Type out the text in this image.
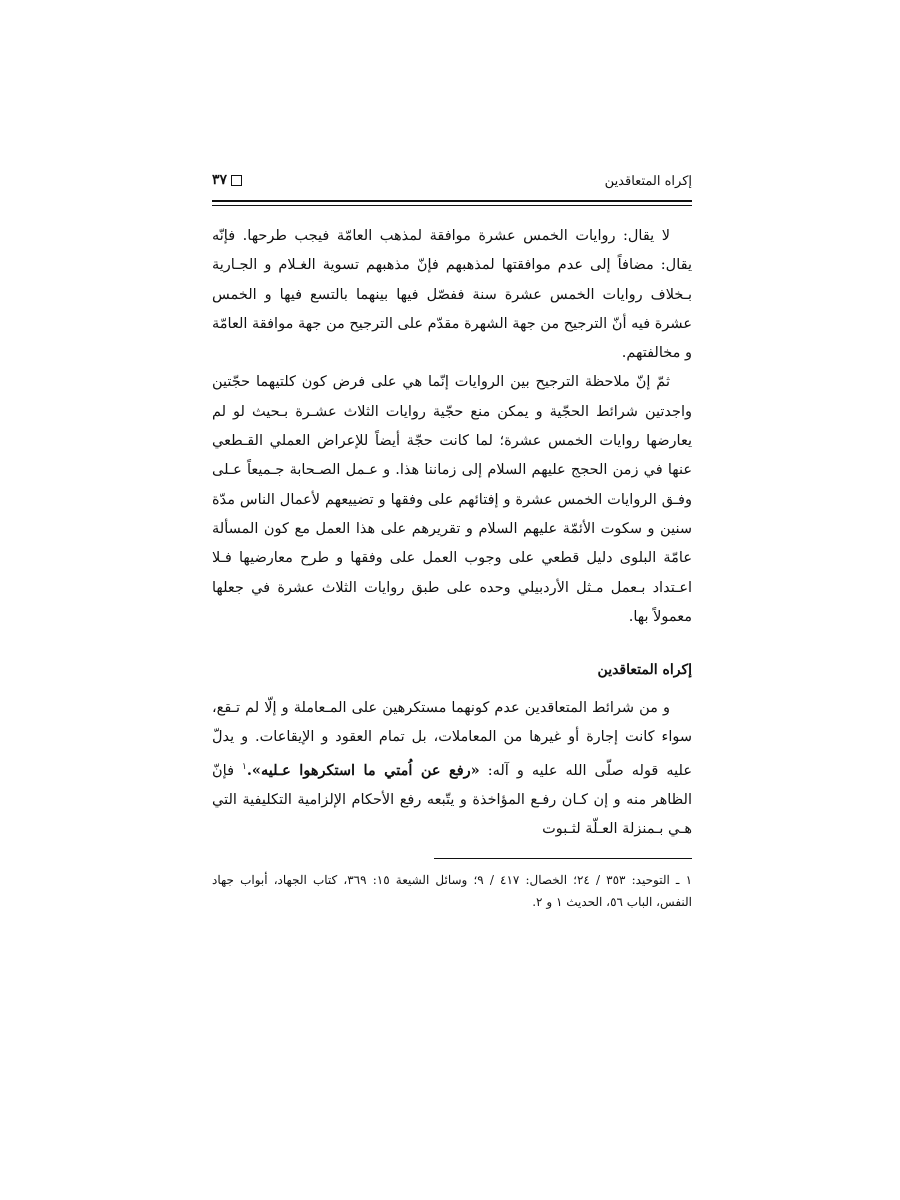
إكراه المتعاقدين
٣٧

لا يقال: روايات الخمس عشرة موافقة لمذهب العامّة فيجب طرحها. فإنّه يقال: مضافاً إلى عدم موافقتها لمذهبهم فإنّ مذهبهم تسوية الغـلام و الجـارية بـخلاف روايات الخمس عشرة سنة ففصّل فيها بينهما بالتسع فيها و الخمس عشرة فيه أنّ الترجيح من جهة الشهرة مقدّم على الترجيح من جهة موافقة العامّة و مخالفتهم.

ثمّ إنّ ملاحظة الترجيح بين الروايات إنّما هي على فرض كون كلتيهما حجّتين واجدتين شرائط الحجّية و يمكن منع حجّية روايات الثلاث عشـرة بـحيث لو لم يعارضها روايات الخمس عشرة؛ لما كانت حجّة أيضاً للإعراض العملي القـطعي عنها في زمن الحجج عليهم السلام إلى زماننا هذا. و عـمل الصـحابة جـميعاً عـلى وفـق الروايات الخمس عشرة و إفتائهم على وفقها و تضييعهم لأعمال الناس مدّة سنين و سكوت الأئمّة عليهم السلام و تقريرهم على هذا العمل مع كون المسألة عامّة البلوى دليل قطعي على وجوب العمل على وفقها و طرح معارضيها فـلا اعـتداد بـعمل مـثل الأردبيلي وحده على طبق روايات الثلاث عشرة في جعلها معمولاً بها.

إكراه المتعاقدين

و من شرائط المتعاقدين عدم كونهما مستكرهين على المـعاملة و إلّا لم تـقع، سواء كانت إجارة أو غيرها من المعاملات، بل تمام العقود و الإيقاعات. و يدلّ عليه قوله صلّى الله عليه و آله: «رفع عن اُمتي ما استكرهوا عـليه».$^١$ فإنّ الظاهر منه و إن كـان رفـع المؤاخذة و يتّبعه رفع الأحكام الإلزامية التكليفية التي هـي بـمنزلة العـلّة لثـبوت

١ ـ التوحيد: ٣٥٣ / ٢٤؛ الخصال: ٤١٧ / ٩؛ وسائل الشيعة ١٥: ٣٦٩، كتاب الجهاد، أبواب جهاد النفس، الباب ٥٦، الحديث ١ و ٢.
